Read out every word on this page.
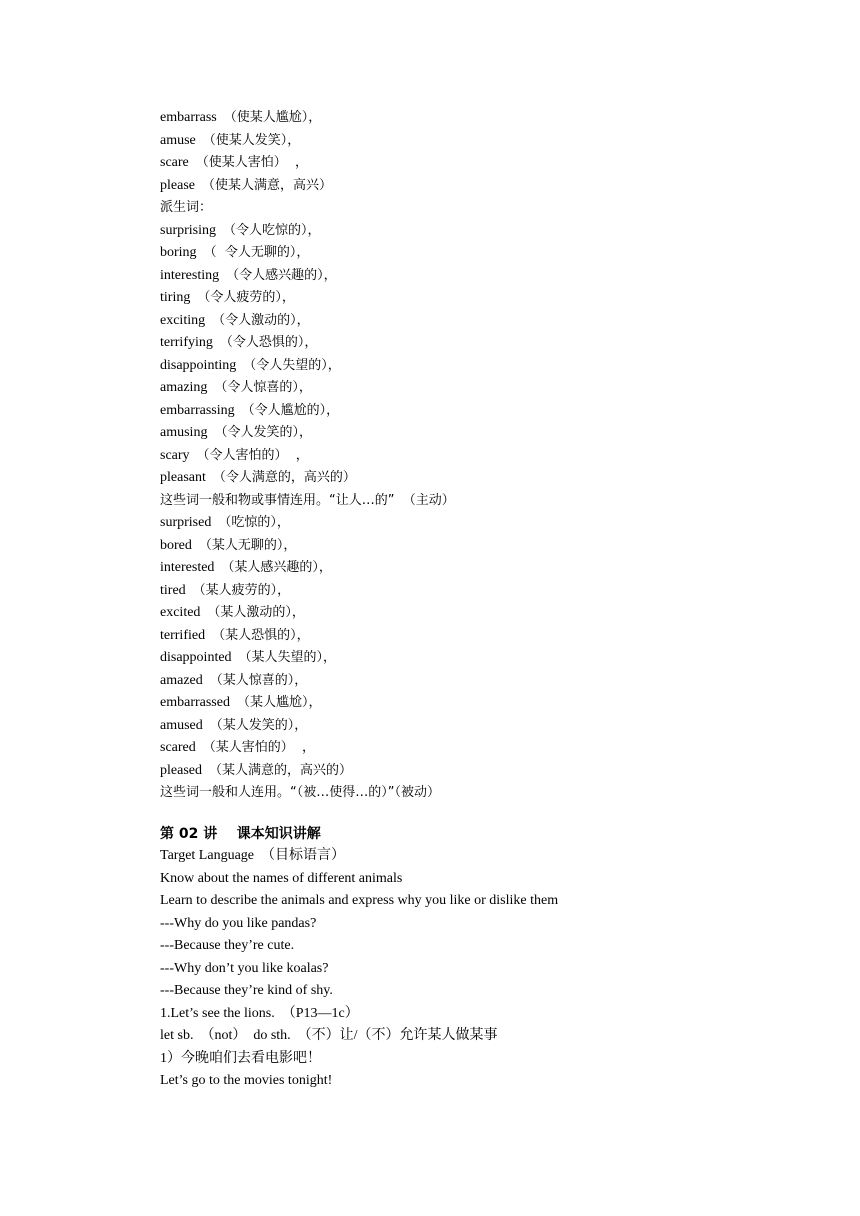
embarrass （使某人尴尬），
amuse （使某人发笑），
scare （使某人害怕）  ，
please （使某人满意，高兴）
派生词：
surprising （令人吃惊的），
boring （  令人无聊的），
interesting （令人感兴趣的），
tiring （令人疲劳的），
exciting （令人激动的），
terrifying （令人恐惧的），
disappointing （令人失望的），
amazing （令人惊喜的），
embarrassing （令人尴尬的），
amusing （令人发笑的），
scary （令人害怕的）  ，
pleasant （令人满意的，高兴的）
这些词一般和物或事情连用。“让人…的”  （主动）
surprised （吃惊的），
bored （某人无聊的），
interested （某人感兴趣的），
tired （某人疲劳的），
excited （某人激动的），
terrified （某人恐惧的），
disappointed （某人失望的），
amazed （某人惊喜的），
embarrassed （某人尴尬），
amused （某人发笑的），
scared （某人害怕的）  ，
pleased （某人满意的，高兴的）
这些词一般和人连用。“（被…使得…的）”（被动）
第 02 讲    课本知识讲解
Target Language  （目标语言）
Know about the names of different animals
Learn to describe the animals and express why you like or dislike them
---Why do you like pandas?
---Because they’re cute.
---Why don’t you like koalas?
---Because they’re kind of shy.
1.Let’s see the lions.  （P13—1c）
let sb.  （not）  do sth.  （不）让/（不）允许某人做某事
1）今晚咱们去看电影吧！
Let’s go to the movies tonight!
